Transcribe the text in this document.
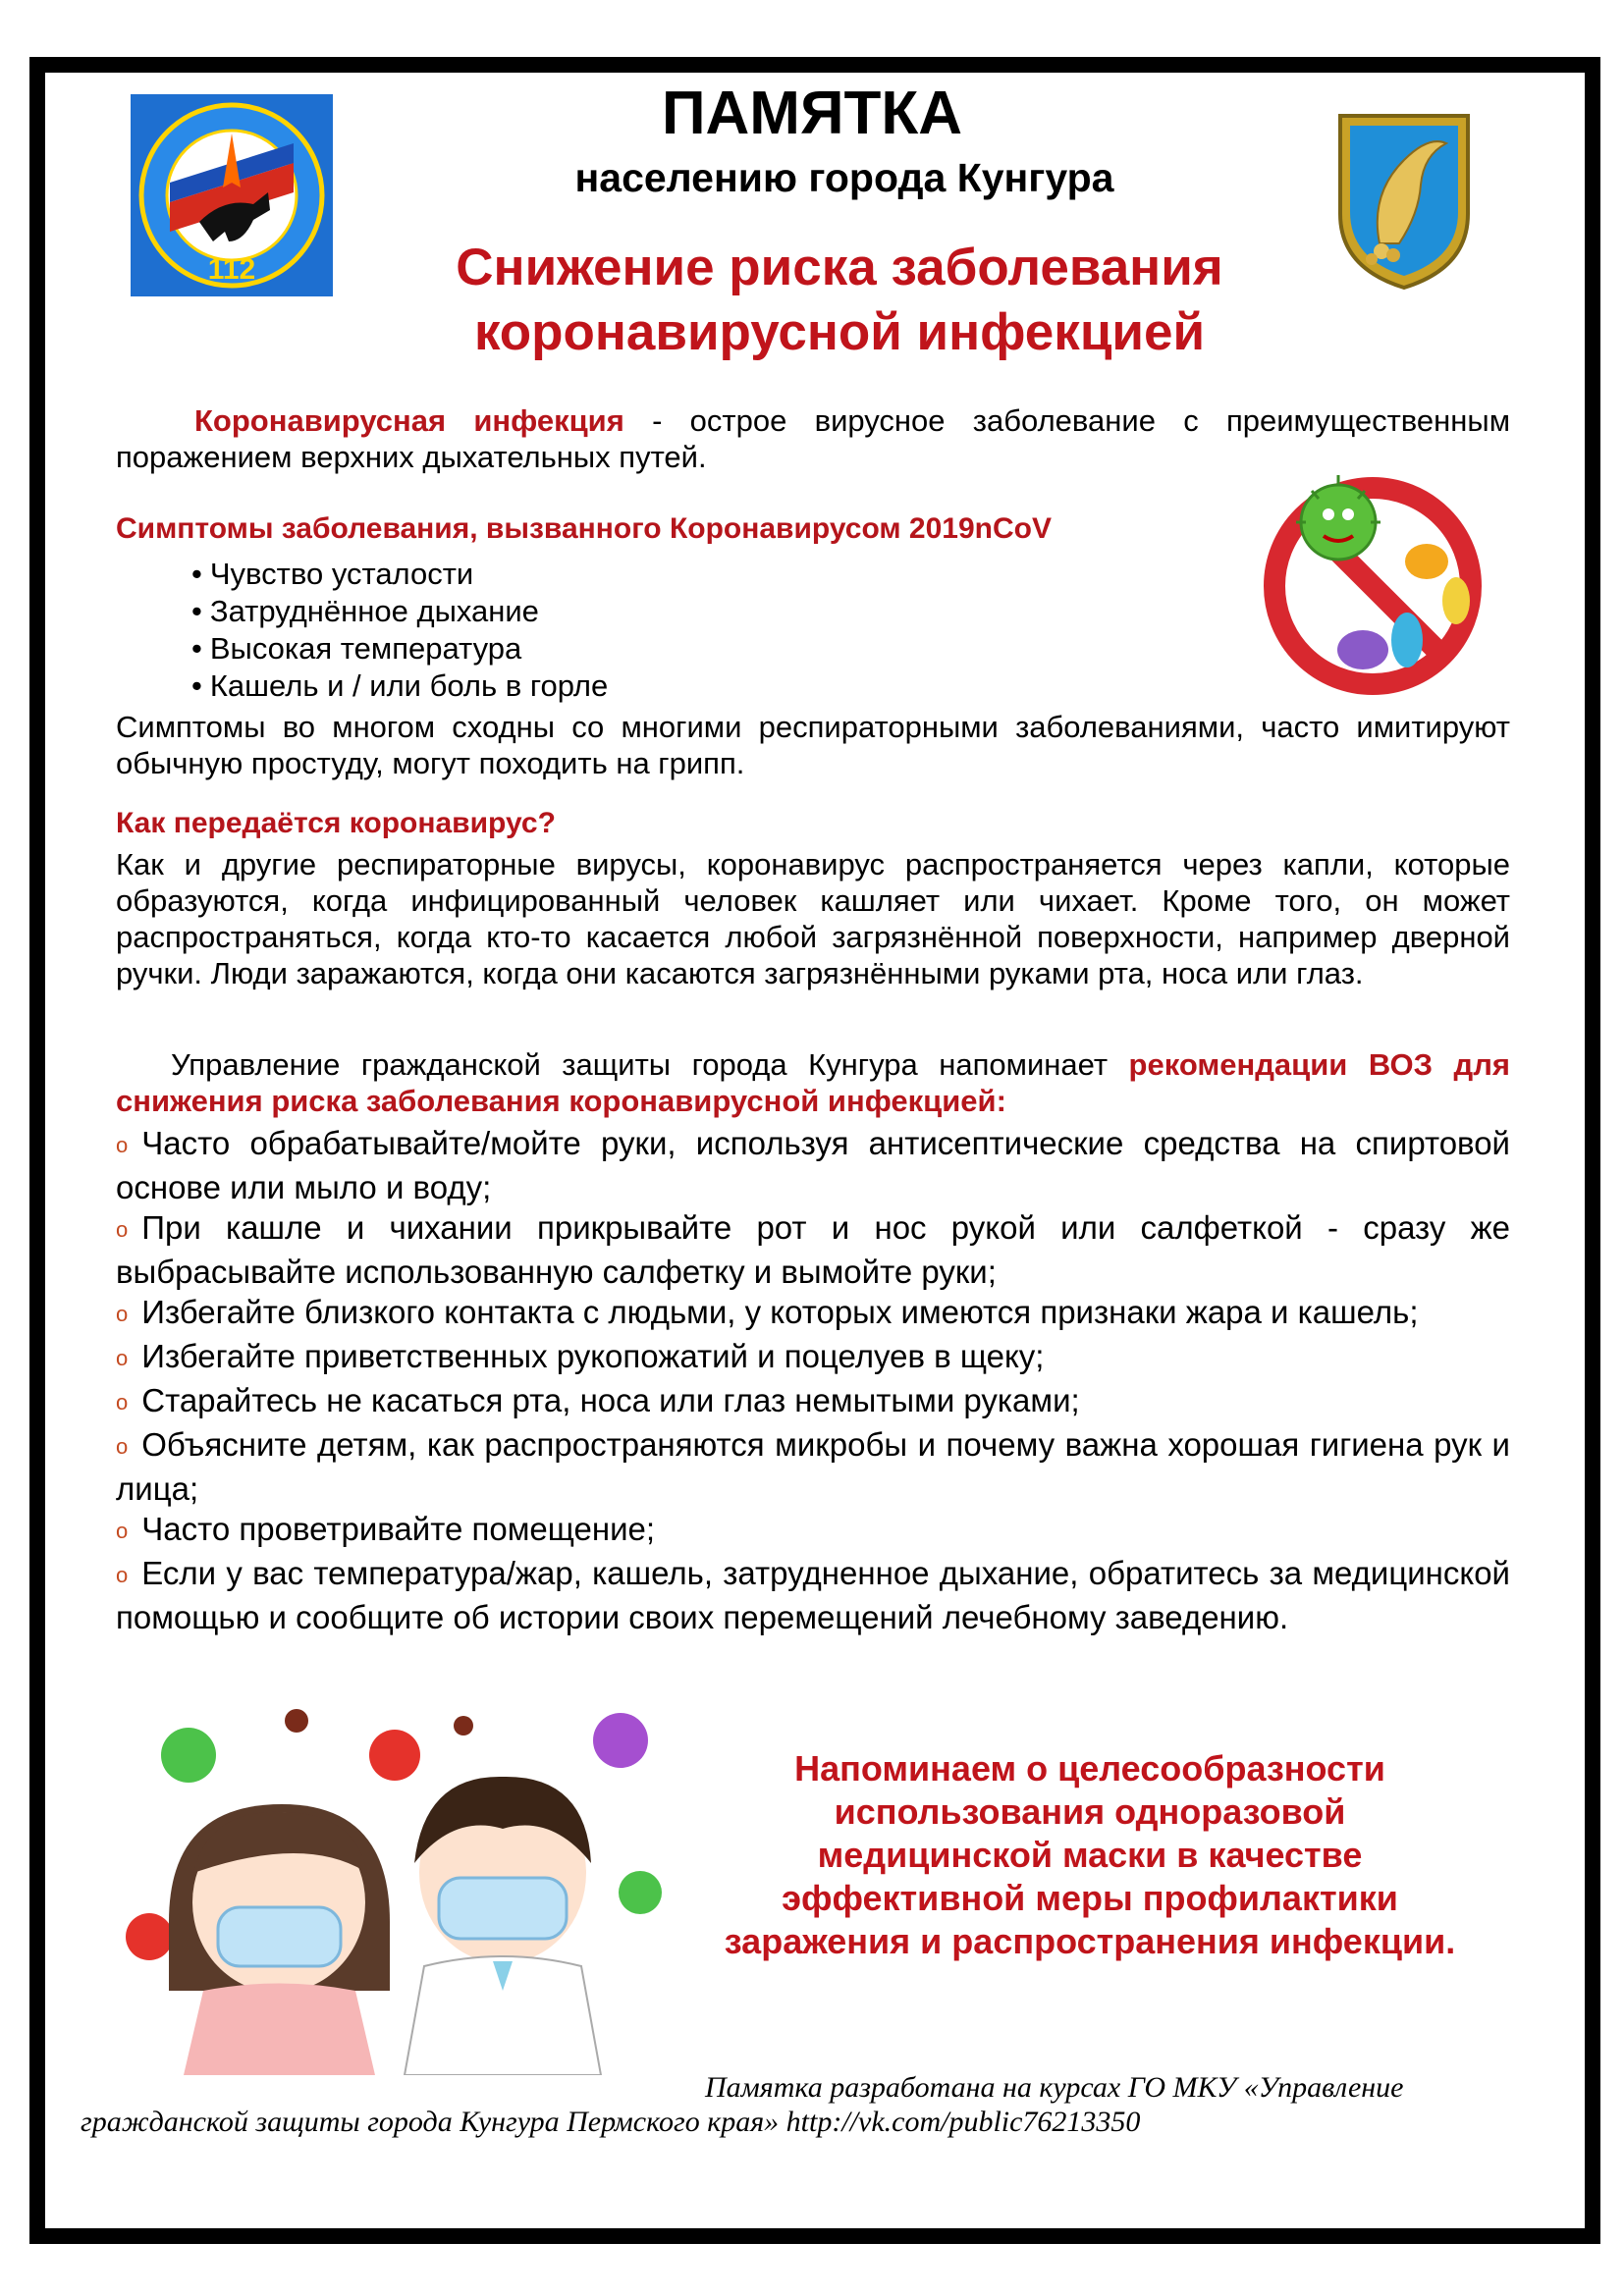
112
ПАМЯТКА
населению города Кунгура
Снижение риска заболевания
коронавирусной инфекцией
Коронавирусная инфекция - острое вирусное заболевание с преимущественным поражением верхних дыхательных путей.
Симптомы заболевания, вызванного Коронавирусом 2019nCoV
• Чувство усталости
• Затруднённое дыхание
• Высокая температура
• Кашель и / или боль в горле
Симптомы во многом сходны со многими респираторными заболеваниями, часто имитируют обычную простуду, могут походить на грипп.
Как передаётся коронавирус?
Как и другие респираторные вирусы, коронавирус распространяется через капли, которые образуются, когда инфицированный человек кашляет или чихает. Кроме того, он может распространяться, когда кто-то касается любой загрязнённой поверхности, например дверной ручки. Люди заражаются, когда они касаются загрязнёнными руками рта, носа или глаз.
Управление гражданской защиты города Кунгура напоминает рекомендации ВОЗ для снижения риска заболевания коронавирусной инфекцией:
o Часто обрабатывайте/мойте руки, используя антисептические средства на спиртовой основе или мыло и воду;
o При кашле и чихании прикрывайте рот и нос рукой или салфеткой - сразу же выбрасывайте использованную салфетку и вымойте руки;
o Избегайте близкого контакта с людьми, у которых имеются признаки жара и кашель;
o Избегайте приветственных рукопожатий и поцелуев в щеку;
o Старайтесь не касаться рта, носа или глаз немытыми руками;
o Объясните детям, как распространяются микробы и почему важна хорошая гигиена рук и лица;
o Часто проветривайте помещение;
o Если у вас температура/жар, кашель, затрудненное дыхание, обратитесь за медицинской помощью и сообщите об истории своих перемещений лечебному заведению.
Напоминаем о целесообразности
использования одноразовой
медицинской маски в качестве
эффективной меры профилактики
заражения и распространения инфекции.
Памятка разработана на курсах ГО МКУ «Управление
гражданской защиты города Кунгура Пермского края» http://vk.com/public76213350
